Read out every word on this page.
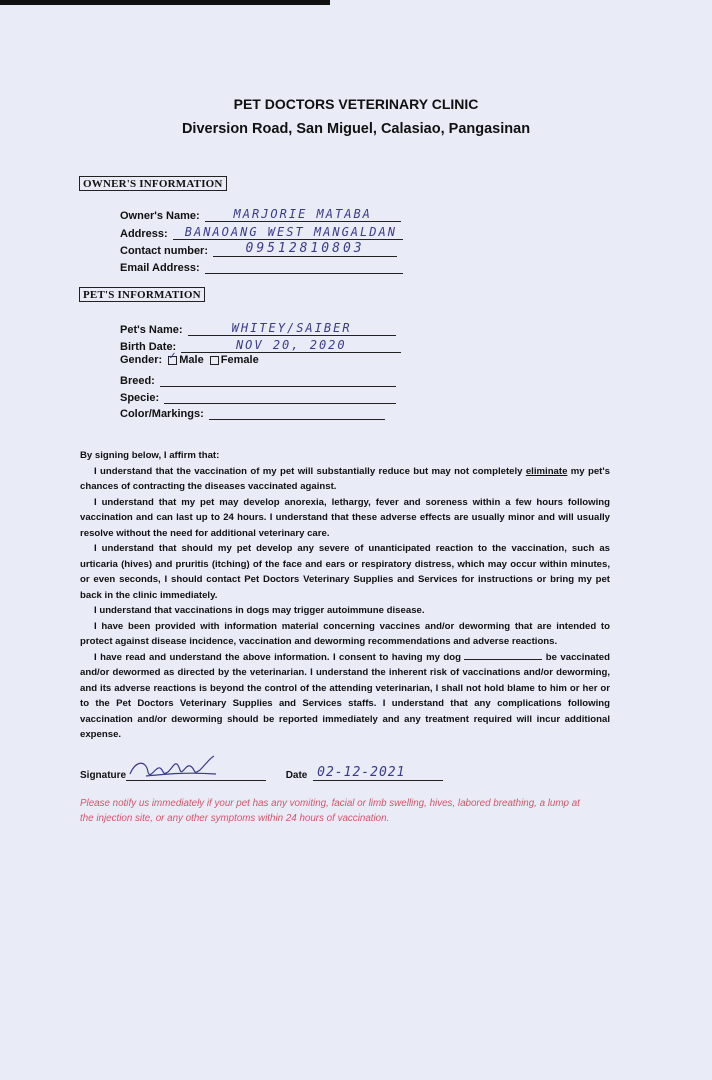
PET DOCTORS VETERINARY CLINIC
Diversion Road, San Miguel, Calasiao, Pangasinan
OWNER'S INFORMATION
Owner's Name:	MARJORIE MATABA
Address: BANAOANG WEST MANGALDAN
Contact number:	09512810803
Email Address:
PET'S INFORMATION
Pet's Name:	WHITEY/SAIBER
Birth Date:	NOV 20, 2020
Gender: ✓ Male Female
Breed:
Specie:
Color/Markings:

By signing below, I affirm that:

I understand that the vaccination of my pet will substantially reduce but may not completely eliminate my pet's chances of contracting the diseases vaccinated against.

I understand that my pet may develop anorexia, lethargy, fever and soreness within a few hours following vaccination and can last up to 24 hours. I understand that these adverse effects are usually minor and will usually resolve without the need for additional veterinary care.

I understand that should my pet develop any severe of unanticipated reaction to the vaccination, such as urticaria (hives) and pruritis (itching) of the face and ears or respiratory distress, which may occur within minutes, or even seconds, I should contact Pet Doctors Veterinary Supplies and Services for instructions or bring my pet back in the clinic immediately.

I understand that vaccinations in dogs may trigger autoimmune disease.

I have been provided with information material concerning vaccines and/or deworming that are intended to protect against disease incidence, vaccination and deworming recommendations and adverse reactions.

I have read and understand the above information. I consent to having my dog	be vaccinated and/or dewormed as directed by the veterinarian. I understand the inherent risk of vaccinations and/or deworming, and its adverse reactions is beyond the control of the attending veterinarian, I shall not hold blame to him or her or to the Pet Doctors Veterinary Supplies and Services staffs. I understand that any complications following vaccination and/or deworming should be reported immediately and any treatment required will incur additional expense.

Signature	Date 02-12-2021
Please notify us immediately if your pet has any vomiting, facial or limb swelling, hives, labored breathing, a lump at the injection site, or any other symptoms within 24 hours of vaccination.
